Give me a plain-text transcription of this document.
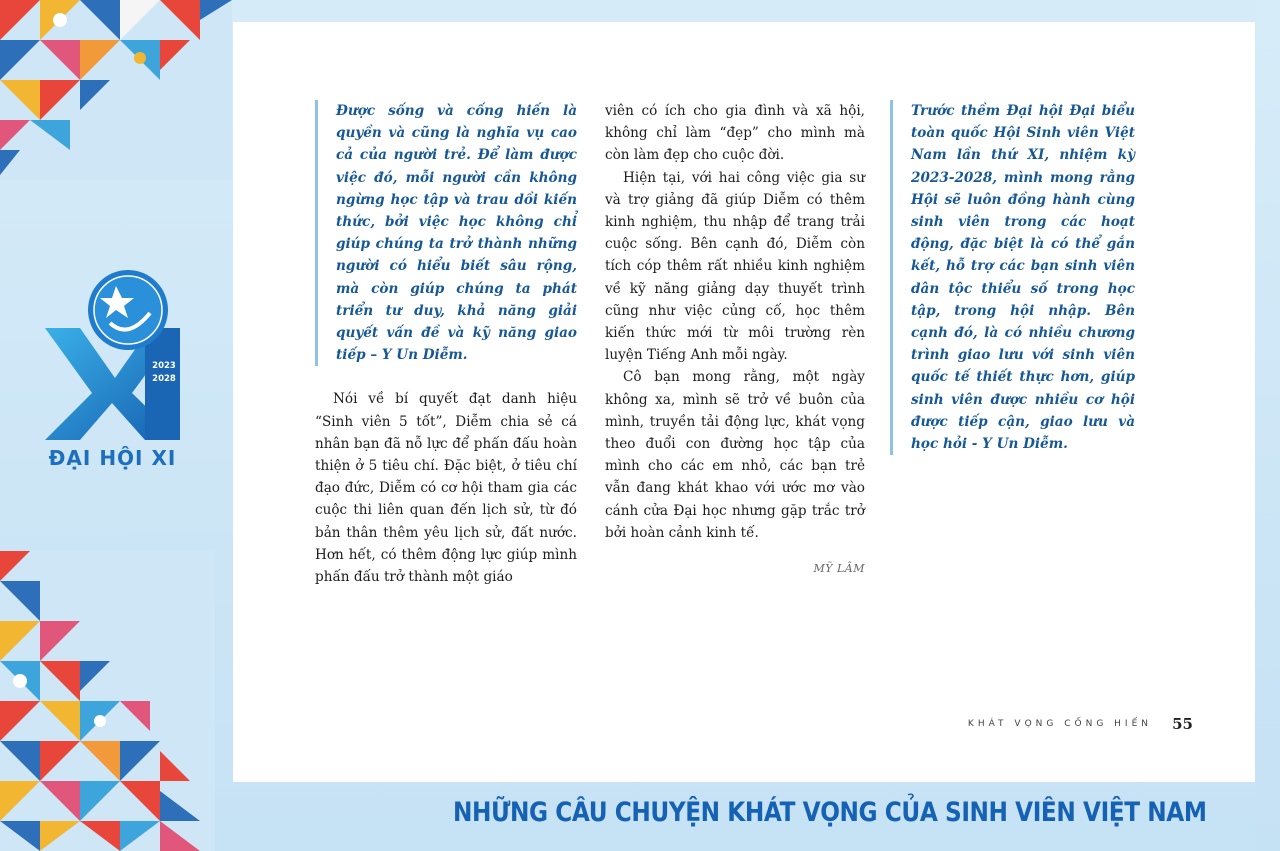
2023
2028
ĐẠI HỘI XI
Được sống và cống hiến là quyền và cũng là nghĩa vụ cao cả của người trẻ. Để làm được việc đó, mỗi người cần không ngừng học tập và trau dồi kiến thức, bởi việc học không chỉ giúp chúng ta trở thành những người có hiểu biết sâu rộng, mà còn giúp chúng ta phát triển tư duy, khả năng giải quyết vấn đề và kỹ năng giao tiếp – Y Un Diễm.

Nói về bí quyết đạt danh hiệu “Sinh viên 5 tốt”, Diễm chia sẻ cá nhân bạn đã nỗ lực để phấn đấu hoàn thiện ở 5 tiêu chí. Đặc biệt, ở tiêu chí đạo đức, Diễm có cơ hội tham gia các cuộc thi liên quan đến lịch sử, từ đó bản thân thêm yêu lịch sử, đất nước. Hơn hết, có thêm động lực giúp mình phấn đấu trở thành một giáo

viên có ích cho gia đình và xã hội, không chỉ làm “đẹp” cho mình mà còn làm đẹp cho cuộc đời.

Hiện tại, với hai công việc gia sư và trợ giảng đã giúp Diễm có thêm kinh nghiệm, thu nhập để trang trải cuộc sống. Bên cạnh đó, Diễm còn tích cóp thêm rất nhiều kinh nghiệm về kỹ năng giảng dạy thuyết trình cũng như việc củng cố, học thêm kiến thức mới từ môi trường rèn luyện Tiếng Anh mỗi ngày.

Cô bạn mong rằng, một ngày không xa, mình sẽ trở về buôn của mình, truyền tải động lực, khát vọng theo đuổi con đường học tập của mình cho các em nhỏ, các bạn trẻ vẫn đang khát khao với ước mơ vào cánh cửa Đại học nhưng gặp trắc trở bởi hoàn cảnh kinh tế.

MỸ LÂM
Trước thềm Đại hội Đại biểu toàn quốc Hội Sinh viên Việt Nam lần thứ XI, nhiệm kỳ 2023-2028, mình mong rằng Hội sẽ luôn đồng hành cùng sinh viên trong các hoạt động, đặc biệt là có thể gắn kết, hỗ trợ các bạn sinh viên dân tộc thiểu số trong học tập, trong hội nhập. Bên cạnh đó, là có nhiều chương trình giao lưu với sinh viên quốc tế thiết thực hơn, giúp sinh viên được nhiều cơ hội được tiếp cận, giao lưu và học hỏi - Y Un Diễm.
KHÁT VỌNG CỐNG HIẾN 55
NHỮNG CÂU CHUYỆN KHÁT VỌNG CỦA SINH VIÊN VIỆT NAM
